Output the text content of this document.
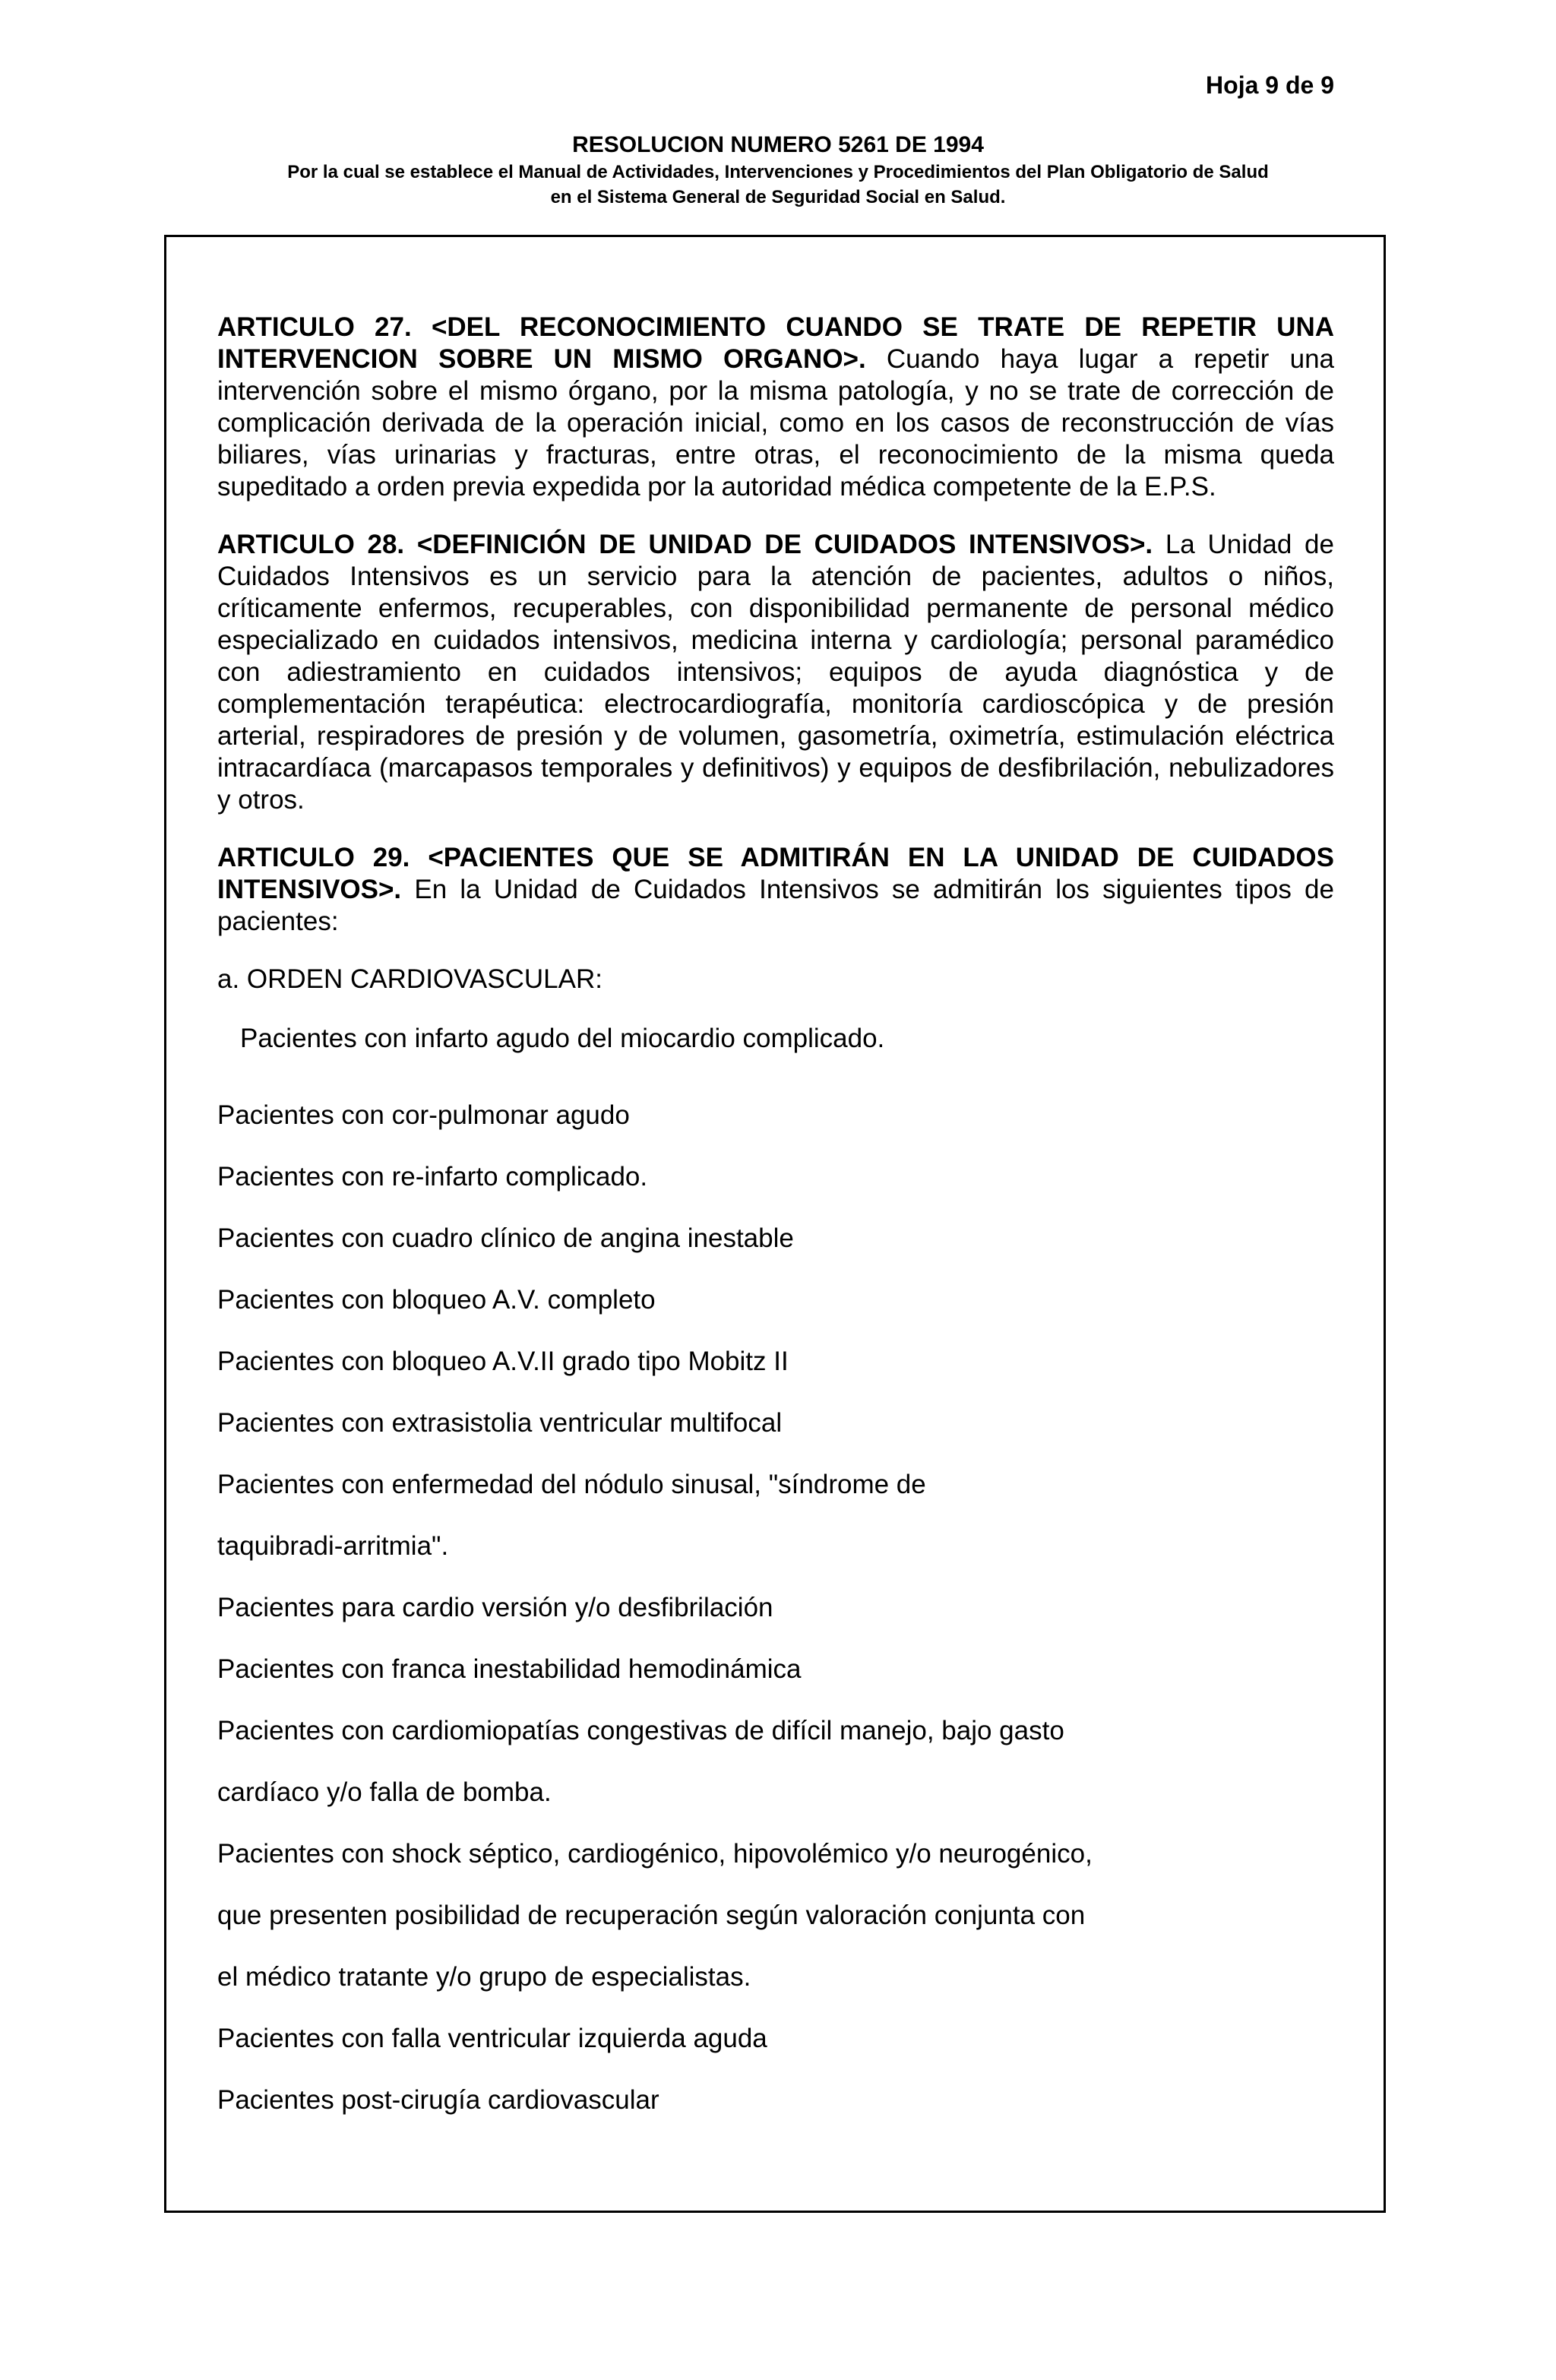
Hoja 9 de 9
RESOLUCION NUMERO 5261 DE 1994
Por la cual se establece el Manual de Actividades, Intervenciones y Procedimientos del Plan Obligatorio de Salud
en el Sistema General de Seguridad Social en Salud.

ARTICULO 27. <DEL RECONOCIMIENTO CUANDO SE TRATE DE REPETIR UNA INTERVENCION SOBRE UN MISMO ORGANO>. Cuando haya lugar a repetir una intervención sobre el mismo órgano, por la misma patología, y no se trate de corrección de complicación derivada de la operación inicial, como en los casos de reconstrucción de vías biliares, vías urinarias y fracturas, entre otras, el reconocimiento de la misma queda supeditado a orden previa expedida por la autoridad médica competente de la E.P.S.

ARTICULO 28. <DEFINICIÓN DE UNIDAD DE CUIDADOS INTENSIVOS>. La Unidad de Cuidados Intensivos es un servicio para la atención de pacientes, adultos o niños, críticamente enfermos, recuperables, con disponibilidad permanente de personal médico especializado en cuidados intensivos, medicina interna y cardiología; personal paramédico con adiestramiento en cuidados intensivos; equipos de ayuda diagnóstica y de complementación terapéutica: electrocardiografía, monitoría cardioscópica y de presión arterial, respiradores de presión y de volumen, gasometría, oximetría, estimulación eléctrica intracardíaca (marcapasos temporales y definitivos) y equipos de desfibrilación, nebulizadores y otros.

ARTICULO 29. <PACIENTES QUE SE ADMITIRÁN EN LA UNIDAD DE CUIDADOS INTENSIVOS>. En la Unidad de Cuidados Intensivos se admitirán los siguientes tipos de pacientes:

a. ORDEN CARDIOVASCULAR:
Pacientes con infarto agudo del miocardio complicado.
Pacientes con cor-pulmonar agudo
Pacientes con re-infarto complicado.
Pacientes con cuadro clínico de angina inestable
Pacientes con bloqueo A.V. completo
Pacientes con bloqueo A.V.II grado tipo Mobitz II
Pacientes con extrasistolia ventricular multifocal
Pacientes con enfermedad del nódulo sinusal, "síndrome de
taquibradi-arritmia".
Pacientes para cardio versión y/o desfibrilación
Pacientes con franca inestabilidad hemodinámica
Pacientes con cardiomiopatías congestivas de difícil manejo, bajo gasto
cardíaco y/o falla de bomba.
Pacientes con shock séptico, cardiogénico, hipovolémico y/o neurogénico,
que presenten posibilidad de recuperación según valoración conjunta con
el médico tratante y/o grupo de especialistas.
Pacientes con falla ventricular izquierda aguda
Pacientes post-cirugía cardiovascular
